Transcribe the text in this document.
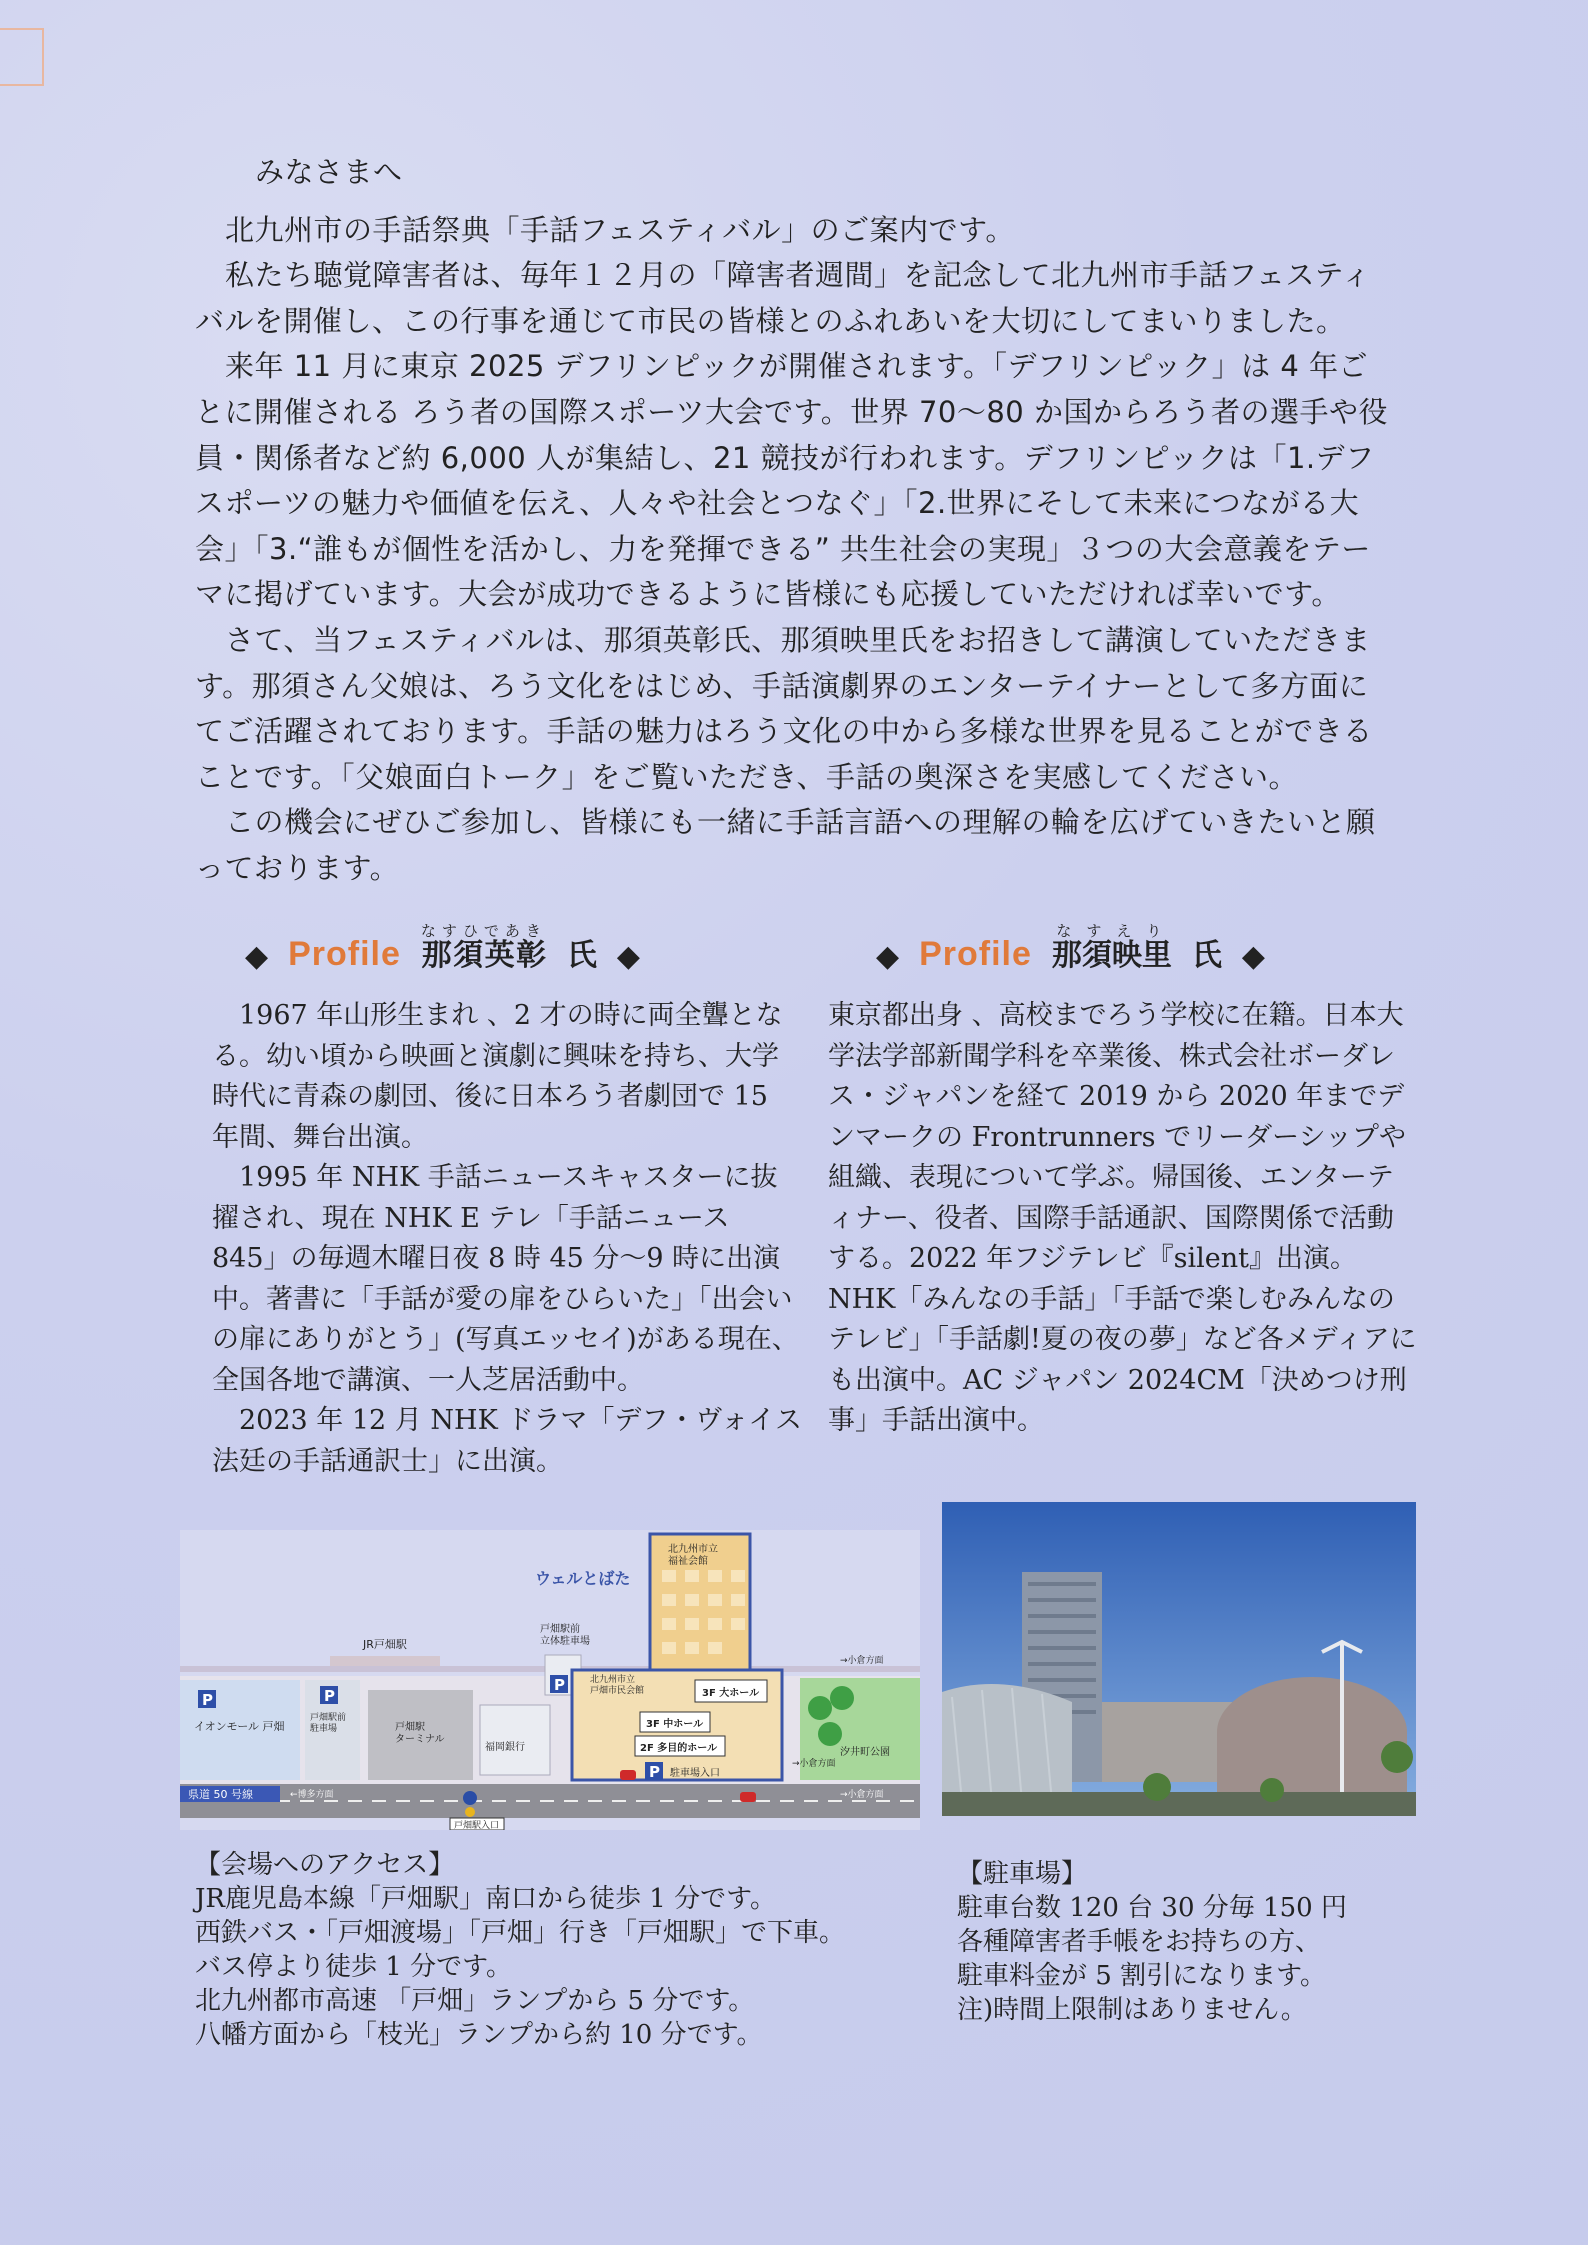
みなさまへ

北九州市の手話祭典「手話フェスティバル」のご案内です。

私たち聴覚障害者は、毎年１２月の「障害者週間」を記念して北九州市手話フェスティバルを開催し、この行事を通じて市民の皆様とのふれあいを大切にしてまいりました。

来年 11 月に東京 2025 デフリンピックが開催されます。「デフリンピック」は 4 年ごとに開催される ろう者の国際スポーツ大会です。世界 70～80 か国からろう者の選手や役員・関係者など約 6,000 人が集結し、21 競技が行われます。デフリンピックは「1.デフスポーツの魅力や価値を伝え、人々や社会とつなぐ」「2.世界にそして未来につながる大会」「3.“誰もが個性を活かし、力を発揮できる” 共生社会の実現」３つの大会意義をテーマに掲げています。大会が成功できるように皆様にも応援していただければ幸いです。

さて、当フェスティバルは、那須英彰氏、那須映里氏をお招きして講演していただきます。那須さん父娘は、ろう文化をはじめ、手話演劇界のエンターテイナーとして多方面にてご活躍されております。手話の魅力はろう文化の中から多様な世界を見ることができることです。「父娘面白トーク」をご覧いただき、手話の奥深さを実感してください。

この機会にぜひご参加し、皆様にも一緒に手話言語への理解の輪を広げていきたいと願っております。

◆ Profile 那須英彰なすひであき
氏 ◆

1967 年山形生まれ 、2 才の時に両全聾となる。幼い頃から映画と演劇に興味を持ち、大学時代に青森の劇団、後に日本ろう者劇団で 15 年間、舞台出演。

1995 年 NHK 手話ニュースキャスターに抜擢され、現在 NHK E テレ「手話ニュース 845」の毎週木曜日夜 8 時 45 分～9 時に出演中。著書に「手話が愛の扉をひらいた」「出会いの扉にありがとう」(写真エッセイ)がある現在、全国各地で講演、一人芝居活動中。

2023 年 12 月 NHK ドラマ「デフ・ヴォイス 法廷の手話通訳士」に出演。

◆ Profile 那須映里なすえり
氏 ◆

東京都出身 、高校までろう学校に在籍。日本大学法学部新聞学科を卒業後、株式会社ボーダレス・ジャパンを経て 2019 から 2020 年までデンマークの Frontrunners でリーダーシップや組織、表現について学ぶ。帰国後、エンターティナー、役者、国際手話通訳、国際関係で活動する。2022 年フジテレビ『silent』出演。NHK「みんなの手話」「手話で楽しむみんなのテレビ」「手話劇!夏の夜の夢」など各メディアにも出演中。AC ジャパン 2024CM「決めつけ刑事」手話出演中。

P	P
P
P
ウェルとばた
JR戸畑駅
戸畑駅前立体駐車場
北九州市立福祉会館
北九州市立戸畑市民会館	3F 大ホール
3F 中ホール
2F 多目的ホール
イオンモール 戸畑
戸畑駅前駐車場	戸畑駅ターミナル
福岡銀行	汐井町公園
駐車場入口
県道 50 号線	←博多方面
→小倉方面
→小倉方面
→小倉方面
戸畑駅入口

【会場へのアクセス】

JR鹿児島本線「戸畑駅」南口から徒歩 1 分です。

西鉄バス・「戸畑渡場」「戸畑」行き「戸畑駅」で下車。

バス停より徒歩 1 分です。

北九州都市高速 「戸畑」ランプから 5 分です。

八幡方面から「枝光」ランプから約 10 分です。

【駐車場】

駐車台数 120 台 30 分毎 150 円

各種障害者手帳をお持ちの方、

駐車料金が 5 割引になります。

注)時間上限制はありません。
